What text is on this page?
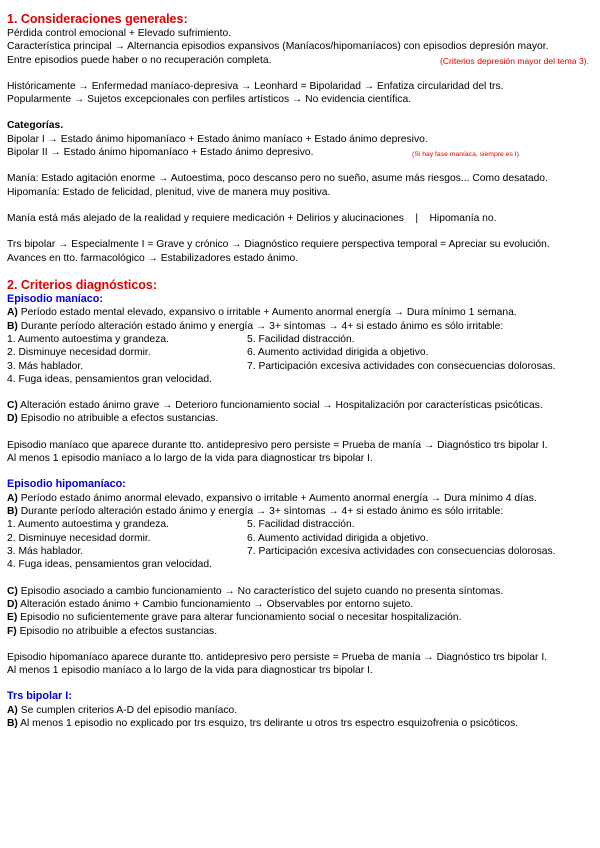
1. Consideraciones generales:
Pérdida control emocional + Elevado sufrimiento.
Característica principal → Alternancia episodios expansivos (Maníacos/hipomaníacos) con episodios depresión mayor.
Entre episodios puede haber o no recuperación completa.	(Criterios depresión mayor del tema 3).
Históricamente → Enfermedad maníaco-depresiva → Leonhard = Bipolaridad → Enfatiza circularidad del trs.
Popularmente → Sujetos excepcionales con perfiles artísticos → No evidencia científica.
Categorías.
Bipolar I → Estado ánimo hipomaníaco + Estado ánimo maníaco + Estado ánimo depresivo.
Bipolar II → Estado ánimo hipomaníaco + Estado ánimo depresivo.	(Si hay fase maníaca, siempre es I).
Manía: Estado agitación enorme → Autoestima, poco descanso pero no sueño, asume más riesgos... Como desatado.
Hipomanía: Estado de felicidad, plenitud, vive de manera muy positiva.
Manía está más alejado de la realidad y requiere medicación + Delirios y alucinaciones    |    Hipomanía no.
Trs bipolar → Especialmente I = Grave y crónico → Diagnóstico requiere perspectiva temporal = Apreciar su evolución.
Avances en tto. farmacológico → Estabilizadores estado ánimo.
2. Criterios diagnósticos:
Episodio maníaco:
A) Período estado mental elevado, expansivo o irritable + Aumento anormal energía → Dura mínimo 1 semana.
B) Durante período alteración estado ánimo y energía → 3+ síntomas → 4+ si estado ánimo es sólo irritable:
1. Aumento autoestima y grandeza.	5. Facilidad distracción.
2. Disminuye necesidad dormir.	6. Aumento actividad dirigida a objetivo.
3. Más hablador.	7. Participación excesiva actividades con consecuencias dolorosas.
4. Fuga ideas, pensamientos gran velocidad.
C) Alteración estado ánimo grave → Deterioro funcionamiento social → Hospitalización por características psicóticas.
D) Episodio no atribuible a efectos sustancias.
Episodio maníaco que aparece durante tto. antidepresivo pero persiste = Prueba de manía → Diagnóstico trs bipolar I.
Al menos 1 episodio maníaco a lo largo de la vida para diagnosticar trs bipolar I.
Episodio hipomaníaco:
A) Período estado ánimo anormal elevado, expansivo o irritable + Aumento anormal energía → Dura mínimo 4 días.
B) Durante período alteración estado ánimo y energía → 3+ síntomas → 4+ si estado ánimo es sólo irritable:
1. Aumento autoestima y grandeza.	5. Facilidad distracción.
2. Disminuye necesidad dormir.	6. Aumento actividad dirigida a objetivo.
3. Más hablador.	7. Participación excesiva actividades con consecuencias dolorosas.
4. Fuga ideas, pensamientos gran velocidad.
C) Episodio asociado a cambio funcionamiento → No característico del sujeto cuando no presenta síntomas.
D) Alteración estado ánimo + Cambio funcionamiento → Observables por entorno sujeto.
E) Episodio no suficientemente grave para alterar funcionamiento social o necesitar hospitalización.
F) Episodio no atribuible a efectos sustancias.
Episodio hipomaníaco aparece durante tto. antidepresivo pero persiste = Prueba de manía → Diagnóstico trs bipolar I.
Al menos 1 episodio maníaco a lo largo de la vida para diagnosticar trs bipolar I.
Trs bipolar I:
A) Se cumplen criterios A-D del episodio maníaco.
B) Al menos 1 episodio no explicado por trs esquizo, trs delirante u otros trs espectro esquizofrenia o psicóticos.
